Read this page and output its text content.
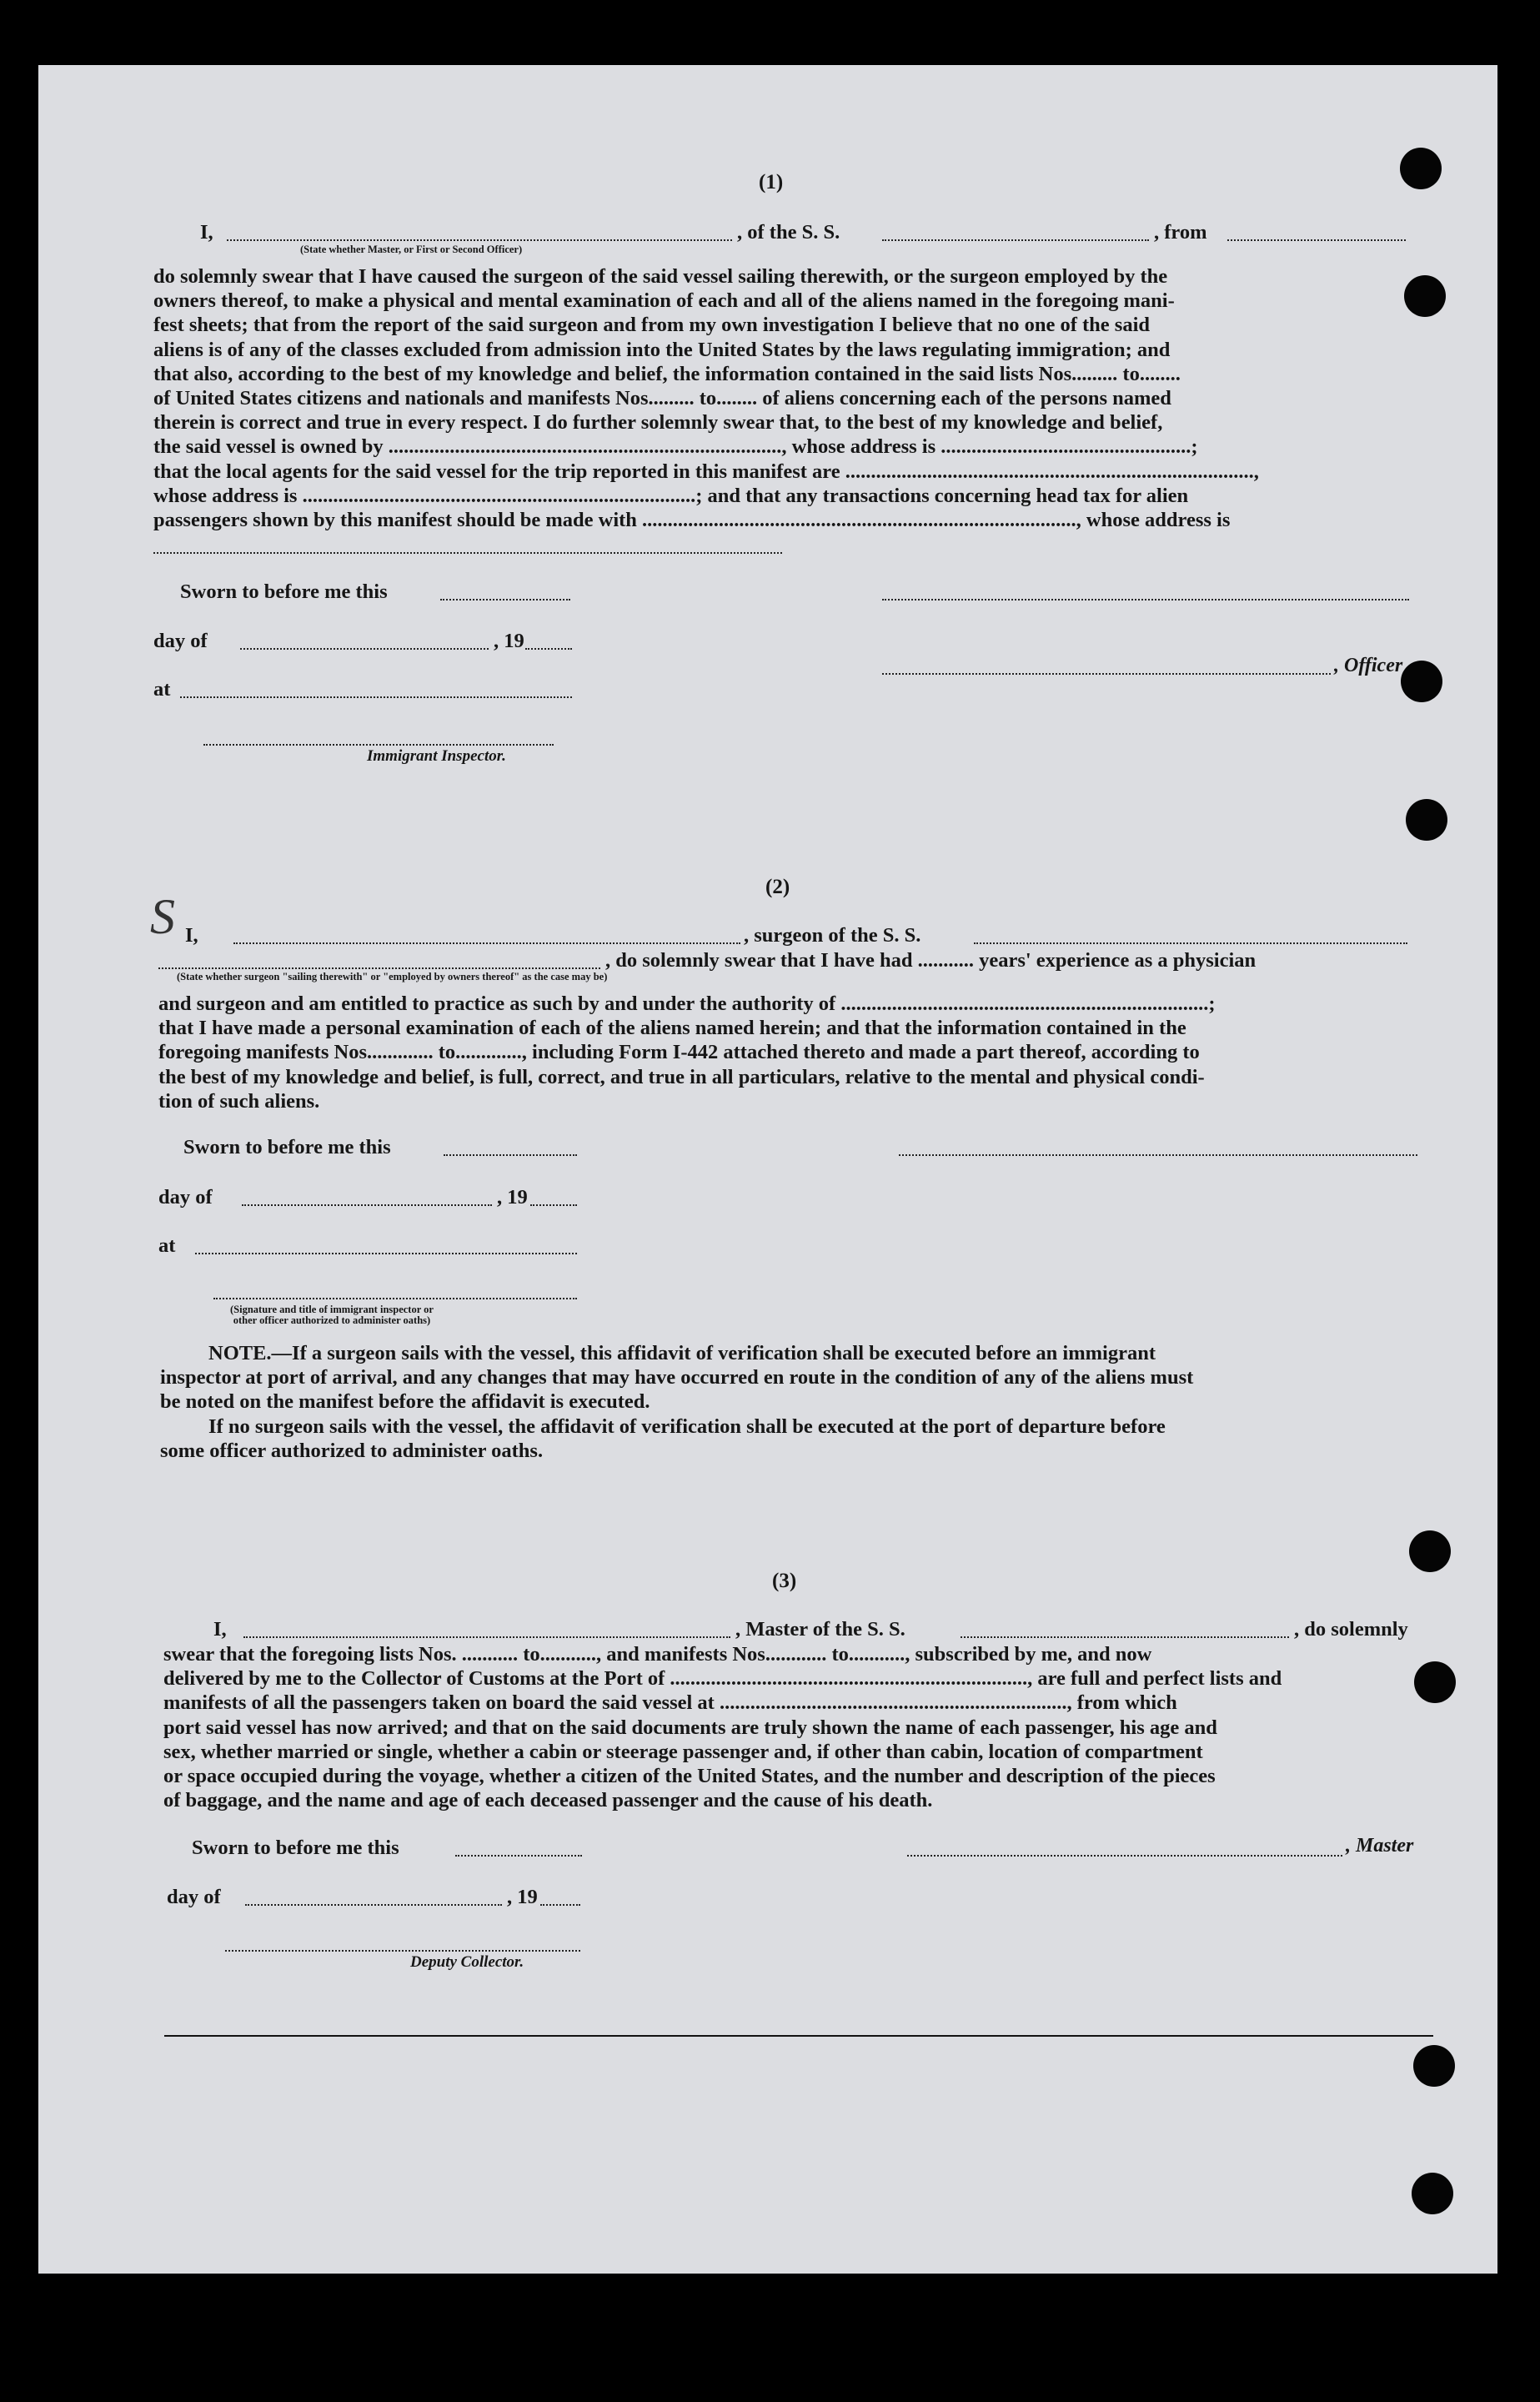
(1)
I,	, of the S. S.	, from
(State whether Master, or First or Second Officer)
do solemnly swear that I have caused the surgeon of the said vessel sailing therewith, or the surgeon employed by the
owners thereof, to make a physical and mental examination of each and all of the aliens named in the foregoing mani-
fest sheets; that from the report of the said surgeon and from my own investigation I believe that no one of the said
aliens is of any of the classes excluded from admission into the United States by the laws regulating immigration; and
that also, according to the best of my knowledge and belief, the information contained in the said lists Nos......... to........
of United States citizens and nationals and manifests Nos......... to........ of aliens concerning each of the persons named
therein is correct and true in every respect. I do further solemnly swear that, to the best of my knowledge and belief,
the said vessel is owned by ............................................................................., whose address is .................................................;
that the local agents for the said vessel for the trip reported in this manifest are ................................................................................,
whose address is .............................................................................; and that any transactions concerning head tax for alien
passengers shown by this manifest should be made with ....................................................................................., whose address is
Sworn to before me this
day of	, 19
, Officer
at
Immigrant Inspector.
(2)
S I,	, surgeon of the S. S.
, do solemnly swear that I have had ........... years' experience as a physician
(State whether surgeon "sailing therewith" or "employed by owners thereof" as the case may be)
and surgeon and am entitled to practice as such by and under the authority of ........................................................................;
that I have made a personal examination of each of the aliens named herein; and that the information contained in the
foregoing manifests Nos............. to............., including Form I-442 attached thereto and made a part thereof, according to
the best of my knowledge and belief, is full, correct, and true in all particulars, relative to the mental and physical condi-
tion of such aliens.
Sworn to before me this
day of	, 19
at
(Signature and title of immigrant inspector or
other officer authorized to administer oaths)
NOTE.—If a surgeon sails with the vessel, this affidavit of verification shall be executed before an immigrant
inspector at port of arrival, and any changes that may have occurred en route in the condition of any of the aliens must
be noted on the manifest before the affidavit is executed.
If no surgeon sails with the vessel, the affidavit of verification shall be executed at the port of departure before
some officer authorized to administer oaths.
(3)
I,	, Master of the S. S.	, do solemnly
swear that the foregoing lists Nos. ........... to..........., and manifests Nos............ to..........., subscribed by me, and now
delivered by me to the Collector of Customs at the Port of ......................................................................, are full and perfect lists and
manifests of all the passengers taken on board the said vessel at ...................................................................., from which
port said vessel has now arrived; and that on the said documents are truly shown the name of each passenger, his age and
sex, whether married or single, whether a cabin or steerage passenger and, if other than cabin, location of compartment
or space occupied during the voyage, whether a citizen of the United States, and the number and description of the pieces
of baggage, and the name and age of each deceased passenger and the cause of his death.
Sworn to before me this	, Master
day of	, 19
Deputy Collector.
